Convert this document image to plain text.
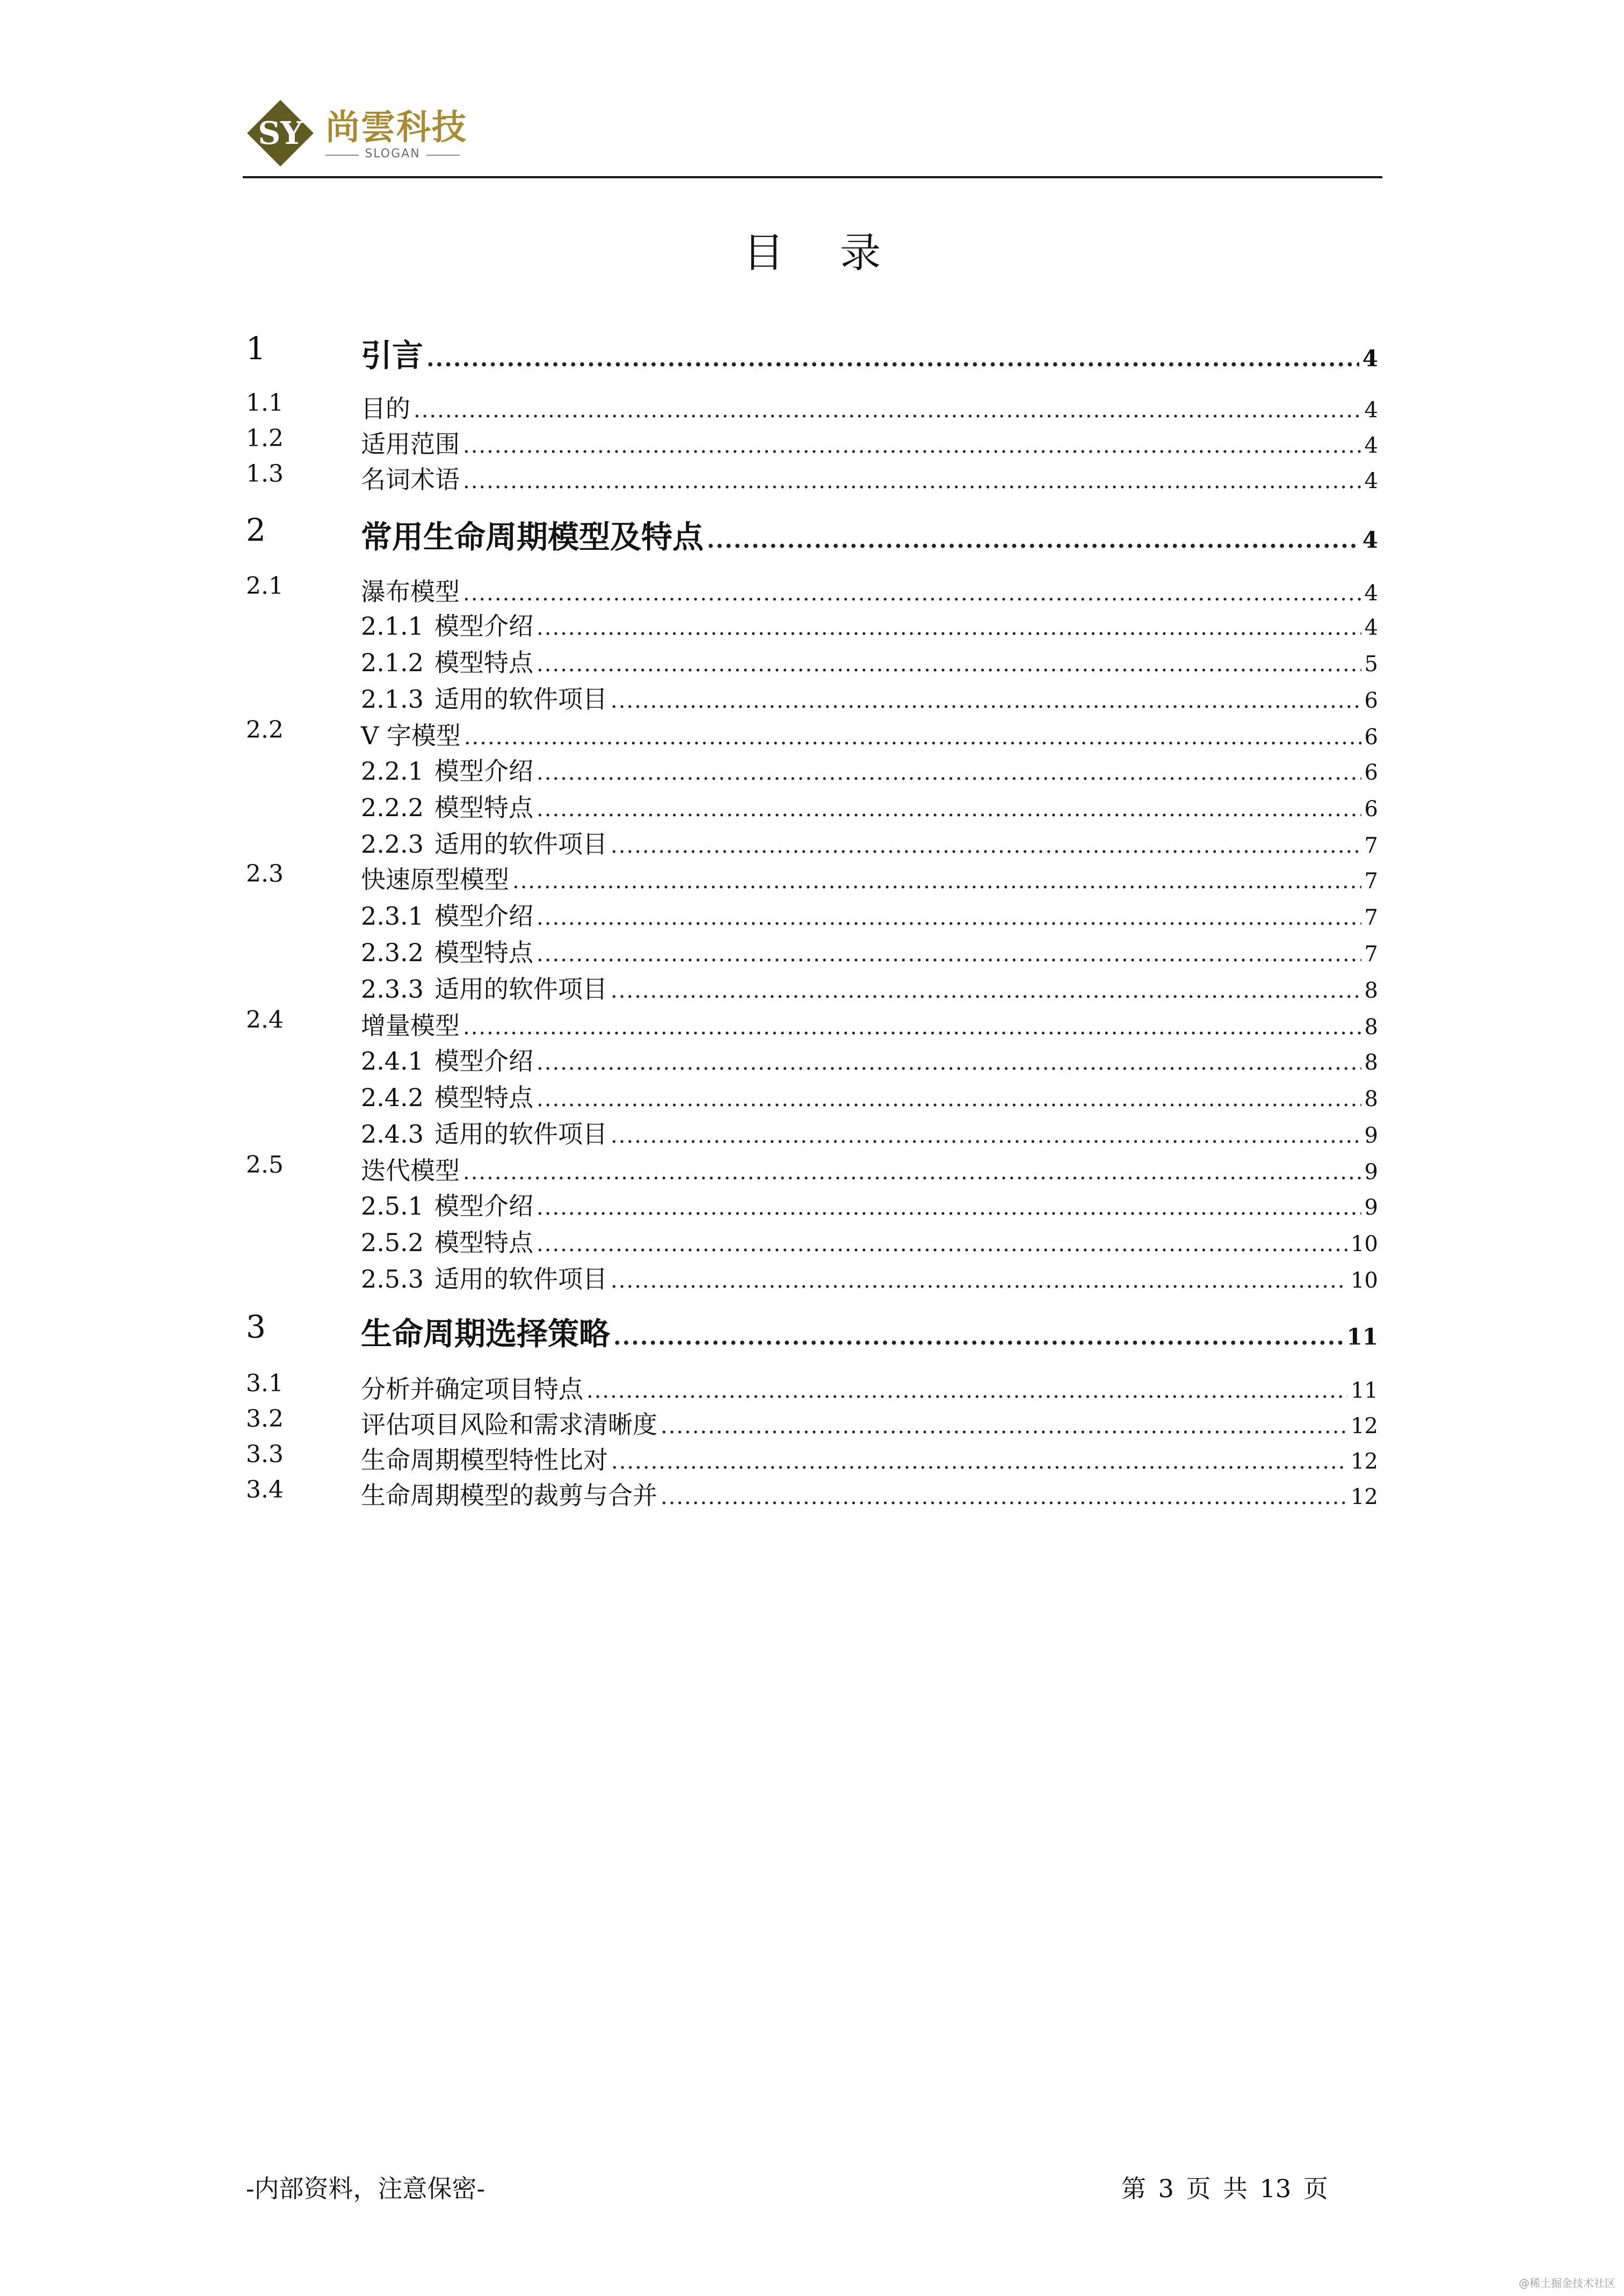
SY 尚雲科技
SLOGAN
目 录
1	引言 .....	4
1.1	目的 .....	4
1.2	适用范围 .....	4
1.3	名词术语 .....	4
2	常用生命周期模型及特点 .....	4
2.1	瀑布模型 .....	4
2.1.1 模型介绍 .....	4
2.1.2 模型特点 .....	5
2.1.3 适用的软件项目 .....	6
2.2	V 字模型 .....	6
2.2.1 模型介绍 .....	6
2.2.2 模型特点 .....	6
2.2.3 适用的软件项目 .....	7
2.3	快速原型模型 .....	7
2.3.1 模型介绍 .....	7
2.3.2 模型特点 .....	7
2.3.3 适用的软件项目 .....	8
2.4	增量模型 .....	8
2.4.1 模型介绍 .....	8
2.4.2 模型特点 .....	8
2.4.3 适用的软件项目 .....	9
2.5	迭代模型 .....	9
2.5.1 模型介绍 .....	9
2.5.2 模型特点 .....	10
2.5.3 适用的软件项目 .....	10
3	生命周期选择策略 .....	11
3.1	分析并确定项目特点 .....	11
3.2	评估项目风险和需求清晰度 .....	12
3.3	生命周期模型特性比对 .....	12
3.4	生命周期模型的裁剪与合并 .....	12
-内部资料，注意保密-	第 3 页 共 13 页
@稀土掘金技术社区
